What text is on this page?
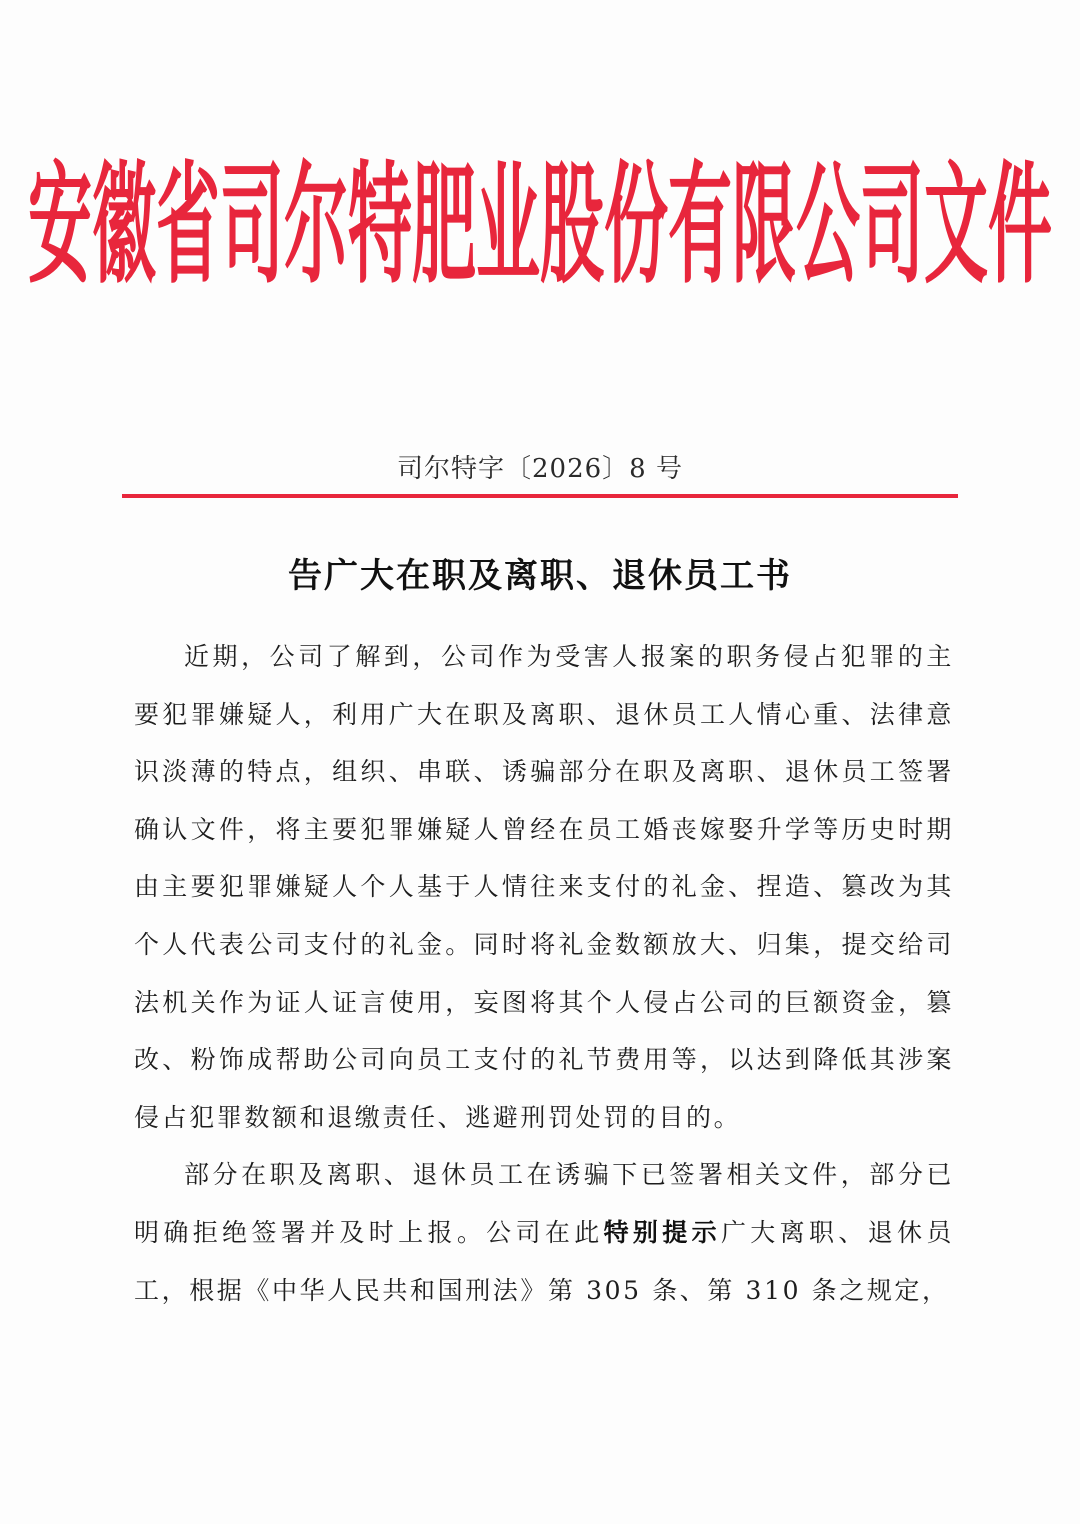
安徽省司尔特肥业股份有限公司文件
司尔特字〔2026〕8 号
告广大在职及离职、退休员工书

近期，公司了解到，公司作为受害人报案的职务侵占犯罪的主要犯罪嫌疑人，利用广大在职及离职、退休员工人情心重、法律意识淡薄的特点，组织、串联、诱骗部分在职及离职、退休员工签署确认文件，将主要犯罪嫌疑人曾经在员工婚丧嫁娶升学等历史时期由主要犯罪嫌疑人个人基于人情往来支付的礼金、捏造、篡改为其个人代表公司支付的礼金。同时将礼金数额放大、归集，提交给司法机关作为证人证言使用，妄图将其个人侵占公司的巨额资金，篡改、粉饰成帮助公司向员工支付的礼节费用等，以达到降低其涉案侵占犯罪数额和退缴责任、逃避刑罚处罚的目的。

部分在职及离职、退休员工在诱骗下已签署相关文件，部分已明确拒绝签署并及时上报。公司在此特别提示广大离职、退休员工，根据《中华人民共和国刑法》第 305 条、第 310 条之规定，
